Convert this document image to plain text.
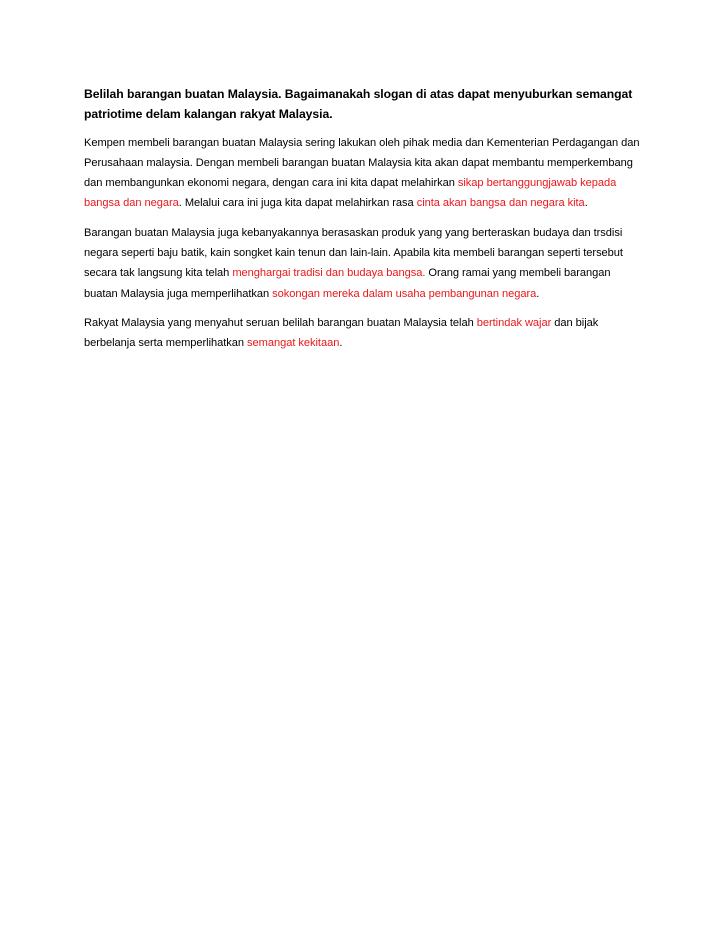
Belilah barangan buatan Malaysia. Bagaimanakah slogan di atas dapat menyuburkan semangat patriotime delam kalangan rakyat Malaysia.

Kempen membeli barangan buatan Malaysia sering lakukan oleh pihak media dan Kementerian Perdagangan dan Perusahaan malaysia. Dengan membeli barangan buatan Malaysia kita akan dapat membantu memperkembang dan membangunkan ekonomi negara, dengan cara ini kita dapat melahirkan sikap bertanggungjawab kepada bangsa dan negara. Melalui cara ini juga kita dapat melahirkan rasa cinta akan bangsa dan negara kita.

Barangan buatan Malaysia juga kebanyakannya berasaskan produk yang yang berteraskan budaya dan trsdisi negara seperti baju batik, kain songket kain tenun dan lain-lain. Apabila kita membeli barangan seperti tersebut secara tak langsung kita telah menghargai tradisi dan budaya bangsa. Orang ramai yang membeli barangan buatan Malaysia juga memperlihatkan sokongan mereka dalam usaha pembangunan negara.

Rakyat Malaysia yang menyahut seruan belilah barangan buatan Malaysia telah bertindak wajar dan bijak berbelanja serta memperlihatkan semangat kekitaan.
